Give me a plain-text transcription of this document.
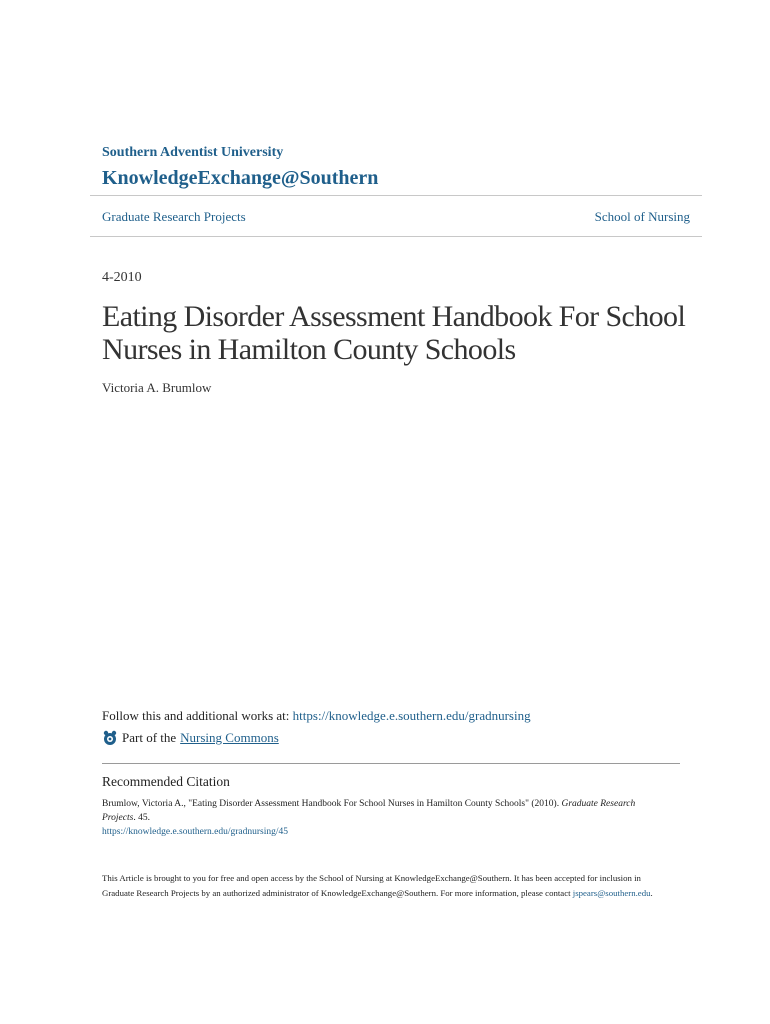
Southern Adventist University

KnowledgeExchange@Southern

Graduate Research Projects	School of Nursing
4-2010
Eating Disorder Assessment Handbook For School Nurses in Hamilton County Schools
Victoria A. Brumlow
Follow this and additional works at: https://knowledge.e.southern.edu/gradnursing
Part of the Nursing Commons
Recommended Citation
Brumlow, Victoria A., "Eating Disorder Assessment Handbook For School Nurses in Hamilton County Schools" (2010). Graduate Research Projects. 45.
https://knowledge.e.southern.edu/gradnursing/45
This Article is brought to you for free and open access by the School of Nursing at KnowledgeExchange@Southern. It has been accepted for inclusion in Graduate Research Projects by an authorized administrator of KnowledgeExchange@Southern. For more information, please contact jspears@southern.edu.
